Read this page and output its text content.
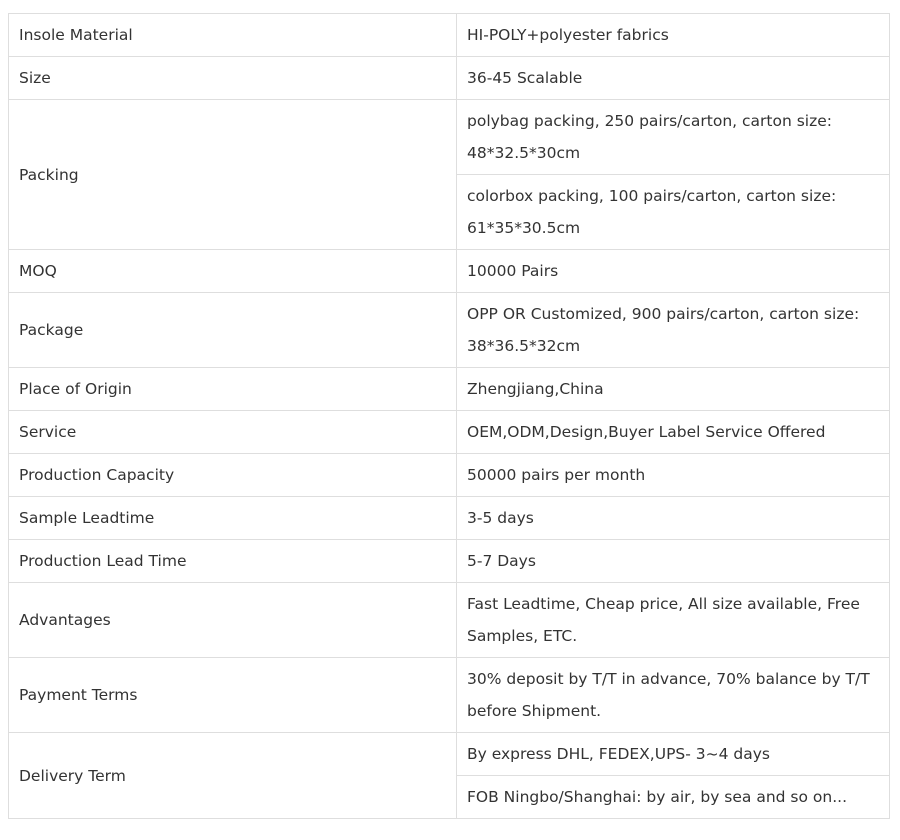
Insole Material	HI-POLY+polyester fabrics
Size	36-45 Scalable
Packing	polybag packing, 250 pairs/carton, carton size: 48*32.5*30cm
	colorbox packing, 100 pairs/carton, carton size: 61*35*30.5cm
MOQ	10000 Pairs
Package	OPP OR Customized, 900 pairs/carton, carton size: 38*36.5*32cm
Place of Origin	Zhengjiang,China
Service	OEM,ODM,Design,Buyer Label Service Offered
Production Capacity	50000 pairs per month
Sample Leadtime	3-5 days
Production Lead Time	5-7 Days
Advantages	Fast Leadtime, Cheap price, All size available, Free Samples, ETC.
Payment Terms	30% deposit by T/T in advance, 70% balance by T/T before Shipment.
Delivery Term	By express DHL, FEDEX,UPS- 3~4 days
	FOB Ningbo/Shanghai: by air, by sea and so on...
